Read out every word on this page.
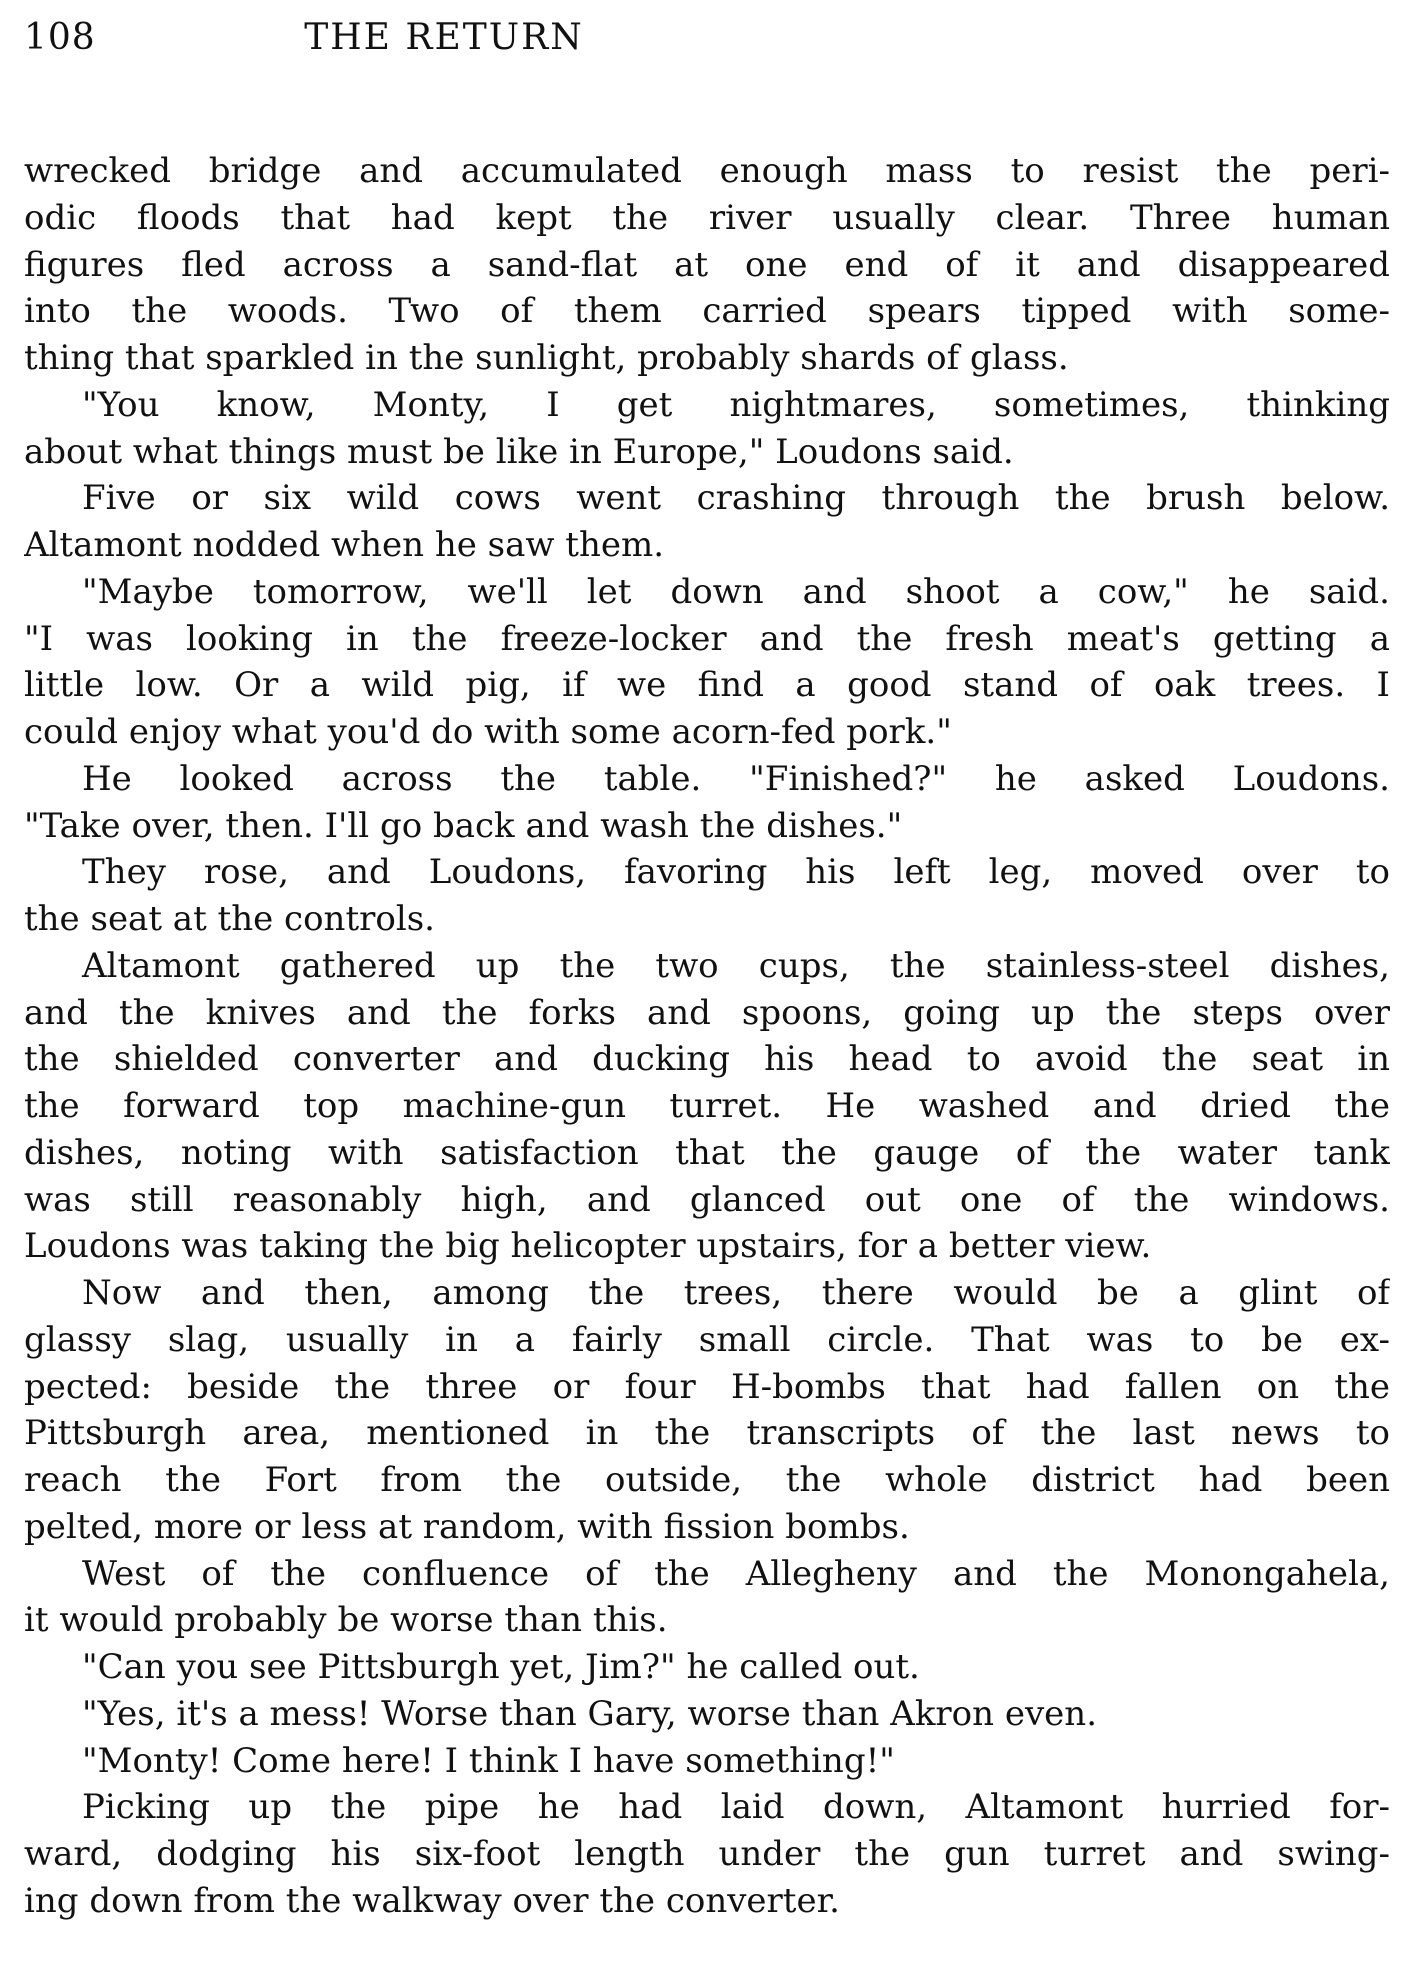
108	THE RETURN
wrecked bridge and accumulated enough mass to resist the peri-
odic floods that had kept the river usually clear. Three human
figures fled across a sand-flat at one end of it and disappeared
into the woods. Two of them carried spears tipped with some-
thing that sparkled in the sunlight, probably shards of glass.
"You know, Monty, I get nightmares, sometimes, thinking
about what things must be like in Europe," Loudons said.
Five or six wild cows went crashing through the brush below.
Altamont nodded when he saw them.
"Maybe tomorrow, we'll let down and shoot a cow," he said.
"I was looking in the freeze-locker and the fresh meat's getting a
little low. Or a wild pig, if we find a good stand of oak trees. I
could enjoy what you'd do with some acorn-fed pork."
He looked across the table. "Finished?" he asked Loudons.
"Take over, then. I'll go back and wash the dishes."
They rose, and Loudons, favoring his left leg, moved over to
the seat at the controls.
Altamont gathered up the two cups, the stainless-steel dishes,
and the knives and the forks and spoons, going up the steps over
the shielded converter and ducking his head to avoid the seat in
the forward top machine-gun turret. He washed and dried the
dishes, noting with satisfaction that the gauge of the water tank
was still reasonably high, and glanced out one of the windows.
Loudons was taking the big helicopter upstairs, for a better view.
Now and then, among the trees, there would be a glint of
glassy slag, usually in a fairly small circle. That was to be ex-
pected: beside the three or four H-bombs that had fallen on the
Pittsburgh area, mentioned in the transcripts of the last news to
reach the Fort from the outside, the whole district had been
pelted, more or less at random, with fission bombs.
West of the confluence of the Allegheny and the Monongahela,
it would probably be worse than this.
"Can you see Pittsburgh yet, Jim?" he called out.
"Yes, it's a mess! Worse than Gary, worse than Akron even.
"Monty! Come here! I think I have something!"
Picking up the pipe he had laid down, Altamont hurried for-
ward, dodging his six-foot length under the gun turret and swing-
ing down from the walkway over the converter.
